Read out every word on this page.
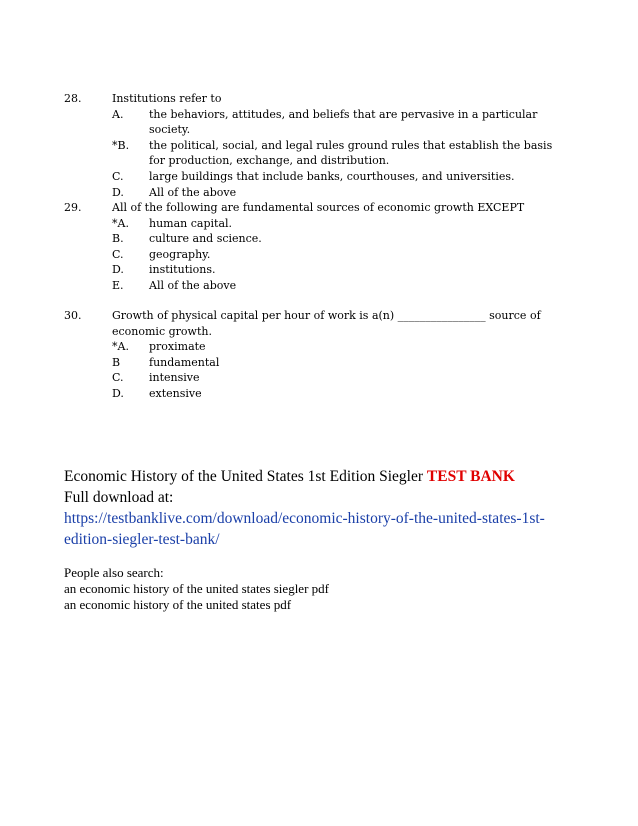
28.	Institutions refer to
A. the behaviors, attitudes, and beliefs that are pervasive in a particular society.
*B. the political, social, and legal rules ground rules that establish the basis for production, exchange, and distribution.
C. large buildings that include banks, courthouses, and universities.
D. All of the above
29.	All of the following are fundamental sources of economic growth EXCEPT
*A. human capital.
B. culture and science.
C. geography.
D. institutions.
E. All of the above
30.	Growth of physical capital per hour of work is a(n) ________________ source of economic growth.
*A. proximate
B	fundamental
C. intensive
D. extensive
Economic History of the United States 1st Edition Siegler TEST BANK
Full download at:
https://testbanklive.com/download/economic-history-of-the-united-states-1st-edition-siegler-test-bank/
People also search:
an economic history of the united states siegler pdf
an economic history of the united states pdf
